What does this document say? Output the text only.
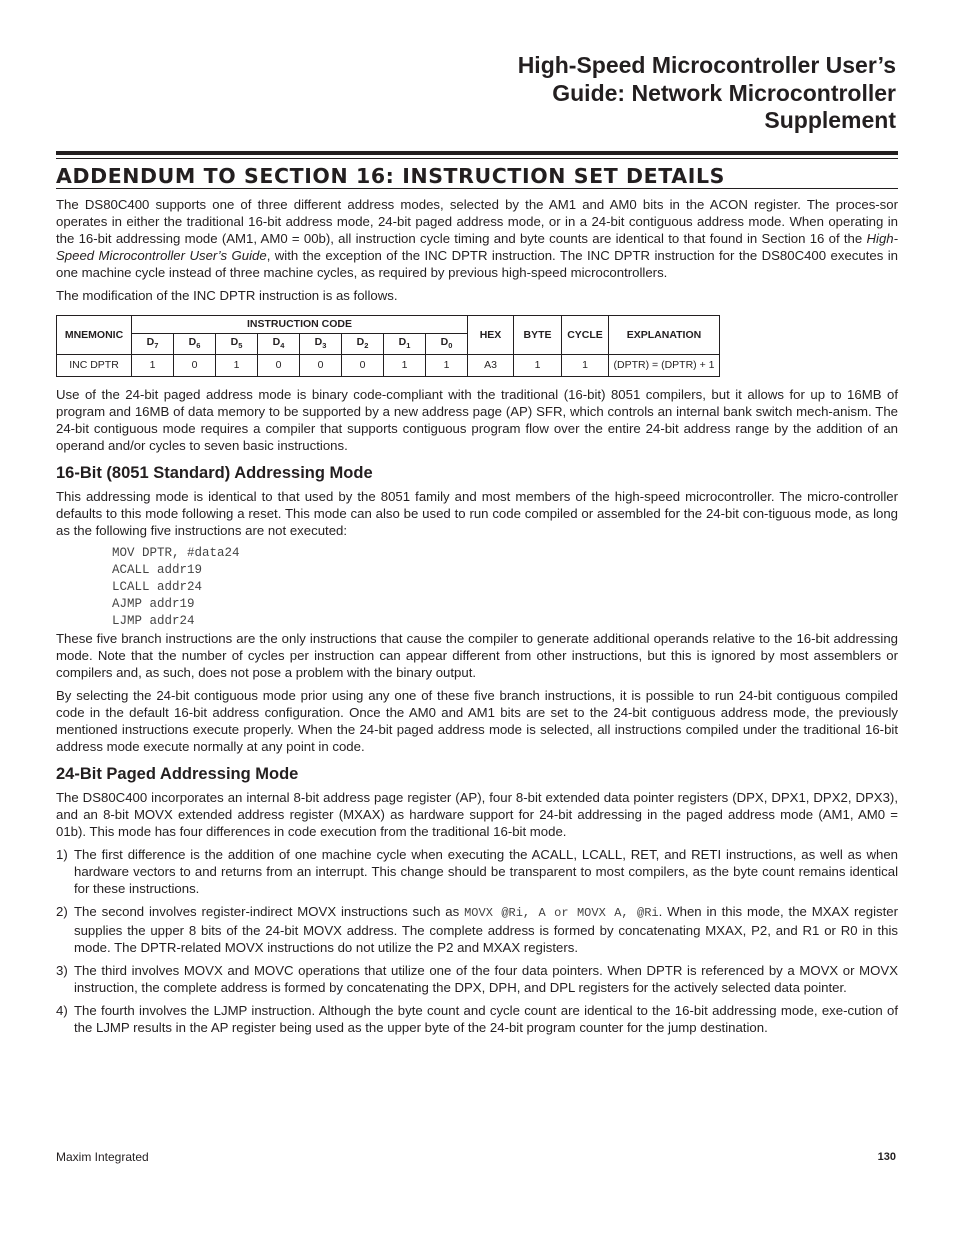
High-Speed Microcontroller User’s
Guide: Network Microcontroller
Supplement
ADDENDUM TO SECTION 16: INSTRUCTION SET DETAILS

The DS80C400 supports one of three different address modes, selected by the AM1 and AM0 bits in the ACON register. The proces-sor operates in either the traditional 16-bit address mode, 24-bit paged address mode, or in a 24-bit contiguous address mode. When operating in the 16-bit addressing mode (AM1, AM0 = 00b), all instruction cycle timing and byte counts are identical to that found in Section 16 of the High-Speed Microcontroller User’s Guide, with the exception of the INC DPTR instruction. The INC DPTR instruction for the DS80C400 executes in one machine cycle instead of three machine cycles, as required by previous high-speed microcontrollers.

The modification of the INC DPTR instruction is as follows.

MNEMONIC	INSTRUCTION CODE								HEX	BYTE	CYCLE	EXPLANATION
	$D_7$	$D_6$	$D_5$	$D_4$	$D_3$	$D_2$	$D_1$	$D_0$
INC DPTR	1	0	1	0	0	0	1	1	A3	1	1	(DPTR) = (DPTR) + 1

Use of the 24-bit paged address mode is binary code-compliant with the traditional (16-bit) 8051 compilers, but it allows for up to 16MB of program and 16MB of data memory to be supported by a new address page (AP) SFR, which controls an internal bank switch mech-anism. The 24-bit contiguous mode requires a compiler that supports contiguous program flow over the entire 24-bit address range by the addition of an operand and/or cycles to seven basic instructions.

16-Bit (8051 Standard) Addressing Mode

This addressing mode is identical to that used by the 8051 family and most members of the high-speed microcontroller. The micro-controller defaults to this mode following a reset. This mode can also be used to run code compiled or assembled for the 24-bit con-tiguous mode, as long as the following five instructions are not executed:

MOV DPTR, #data24
ACALL addr19
LCALL addr24
AJMP addr19
LJMP addr24

These five branch instructions are the only instructions that cause the compiler to generate additional operands relative to the 16-bit addressing mode. Note that the number of cycles per instruction can appear different from other instructions, but this is ignored by most assemblers or compilers and, as such, does not pose a problem with the binary output.

By selecting the 24-bit contiguous mode prior using any one of these five branch instructions, it is possible to run 24-bit contiguous compiled code in the default 16-bit address configuration. Once the AM0 and AM1 bits are set to the 24-bit contiguous address mode, the previously mentioned instructions execute properly. When the 24-bit paged address mode is selected, all instructions compiled under the traditional 16-bit address mode execute normally at any point in code.

24-Bit Paged Addressing Mode

The DS80C400 incorporates an internal 8-bit address page register (AP), four 8-bit extended data pointer registers (DPX, DPX1, DPX2, DPX3), and an 8-bit MOVX extended address register (MXAX) as hardware support for 24-bit addressing in the paged address mode (AM1, AM0 = 01b). This mode has four differences in code execution from the traditional 16-bit mode.

1) The first difference is the addition of one machine cycle when executing the ACALL, LCALL, RET, and RETI instructions, as well as when hardware vectors to and returns from an interrupt. This change should be transparent to most compilers, as the byte count remains identical for these instructions.
2) The second involves register-indirect MOVX instructions such as MOVX @Ri, A or MOVX A, @Ri. When in this mode, the MXAX register supplies the upper 8 bits of the 24-bit MOVX address. The complete address is formed by concatenating MXAX, P2, and R1 or R0 in this mode. The DPTR-related MOVX instructions do not utilize the P2 and MXAX registers.
3) The third involves MOVX and MOVC operations that utilize one of the four data pointers. When DPTR is referenced by a MOVX or MOVX instruction, the complete address is formed by concatenating the DPX, DPH, and DPL registers for the actively selected data pointer.
4) The fourth involves the LJMP instruction. Although the byte count and cycle count are identical to the 16-bit addressing mode, exe-cution of the LJMP results in the AP register being used as the upper byte of the 24-bit program counter for the jump destination.
Maxim Integrated	130
